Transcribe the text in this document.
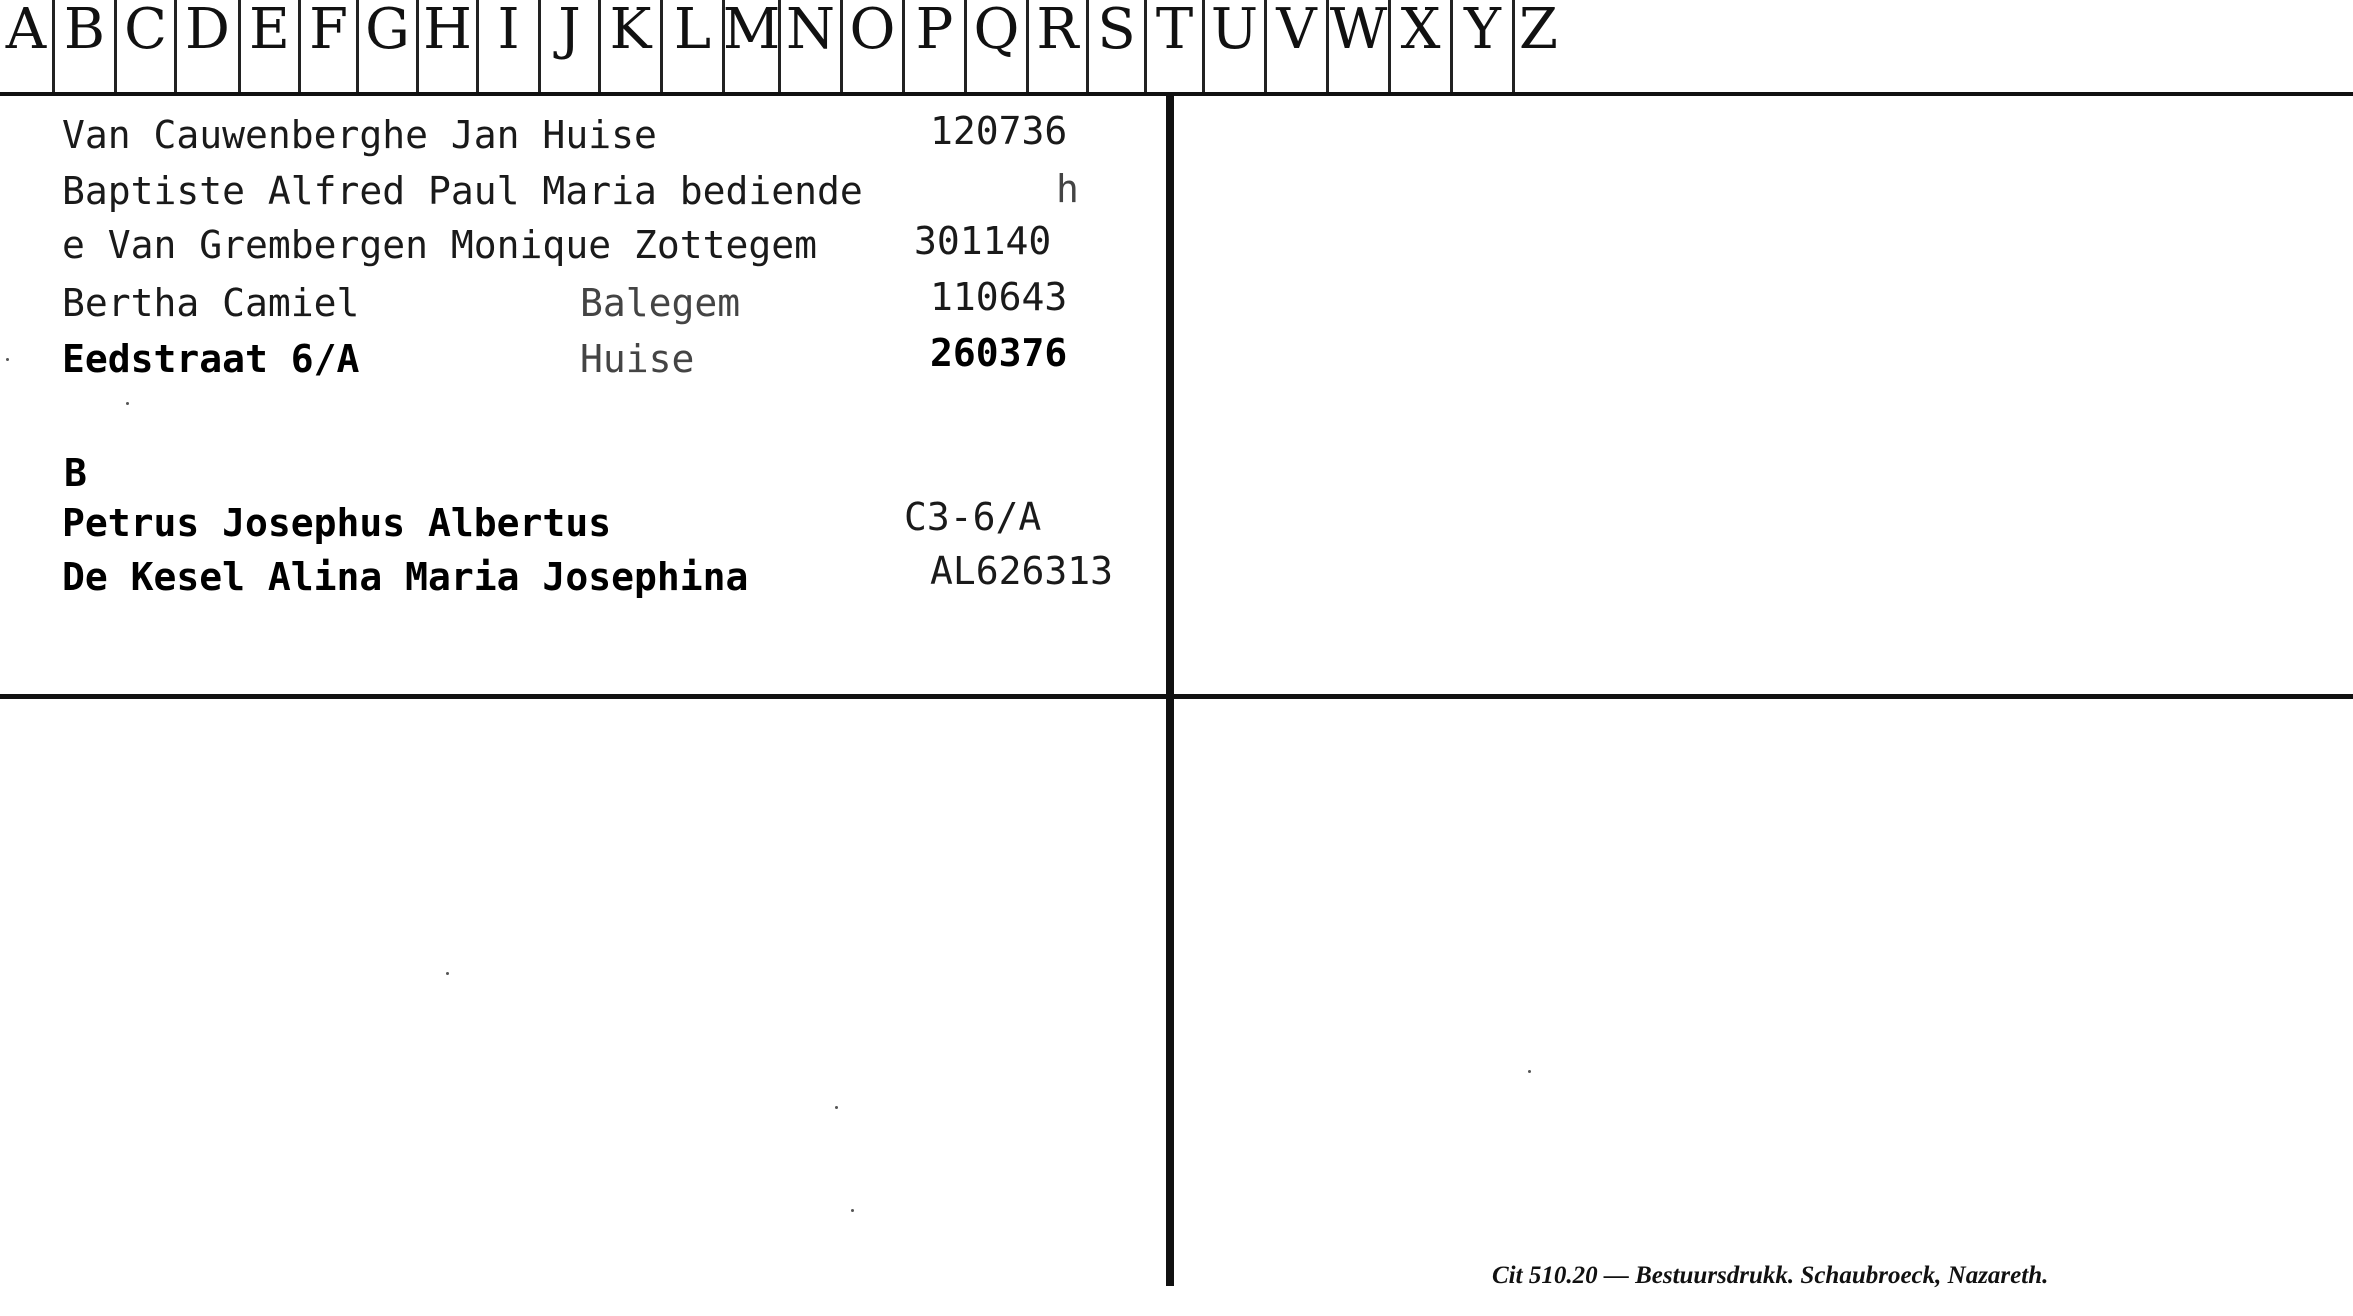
A B C D E F G H I J K L M N O P Q R S T U V W X Y Z
Van Cauwenberghe Jan Huise	120736
Baptiste Alfred Paul Maria bediende	h
e Van Grembergen Monique Zottegem	301140
Bertha Camiel	Balegem	110643
Eedstraat 6/A	Huise	260376
B
Petrus Josephus Albertus	C3-6/A
De Kesel Alina Maria Josephina	AL626313
Cit 510.20 — Bestuursdrukk. Schaubroeck, Nazareth.
